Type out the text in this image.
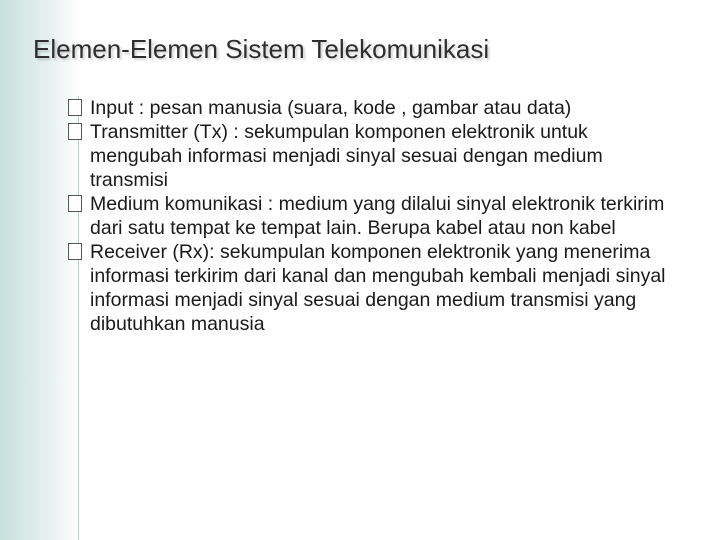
Elemen-Elemen Sistem Telekomunikasi
Input : pesan manusia (suara, kode , gambar atau data)
Transmitter (Tx) : sekumpulan komponen elektronik untuk mengubah informasi menjadi sinyal sesuai dengan medium transmisi
Medium komunikasi : medium yang dilalui sinyal elektronik terkirim dari satu tempat ke tempat lain. Berupa kabel atau non kabel
Receiver (Rx): sekumpulan komponen elektronik yang menerima informasi terkirim dari kanal dan mengubah kembali menjadi sinyal informasi menjadi sinyal sesuai dengan medium transmisi yang dibutuhkan manusia
